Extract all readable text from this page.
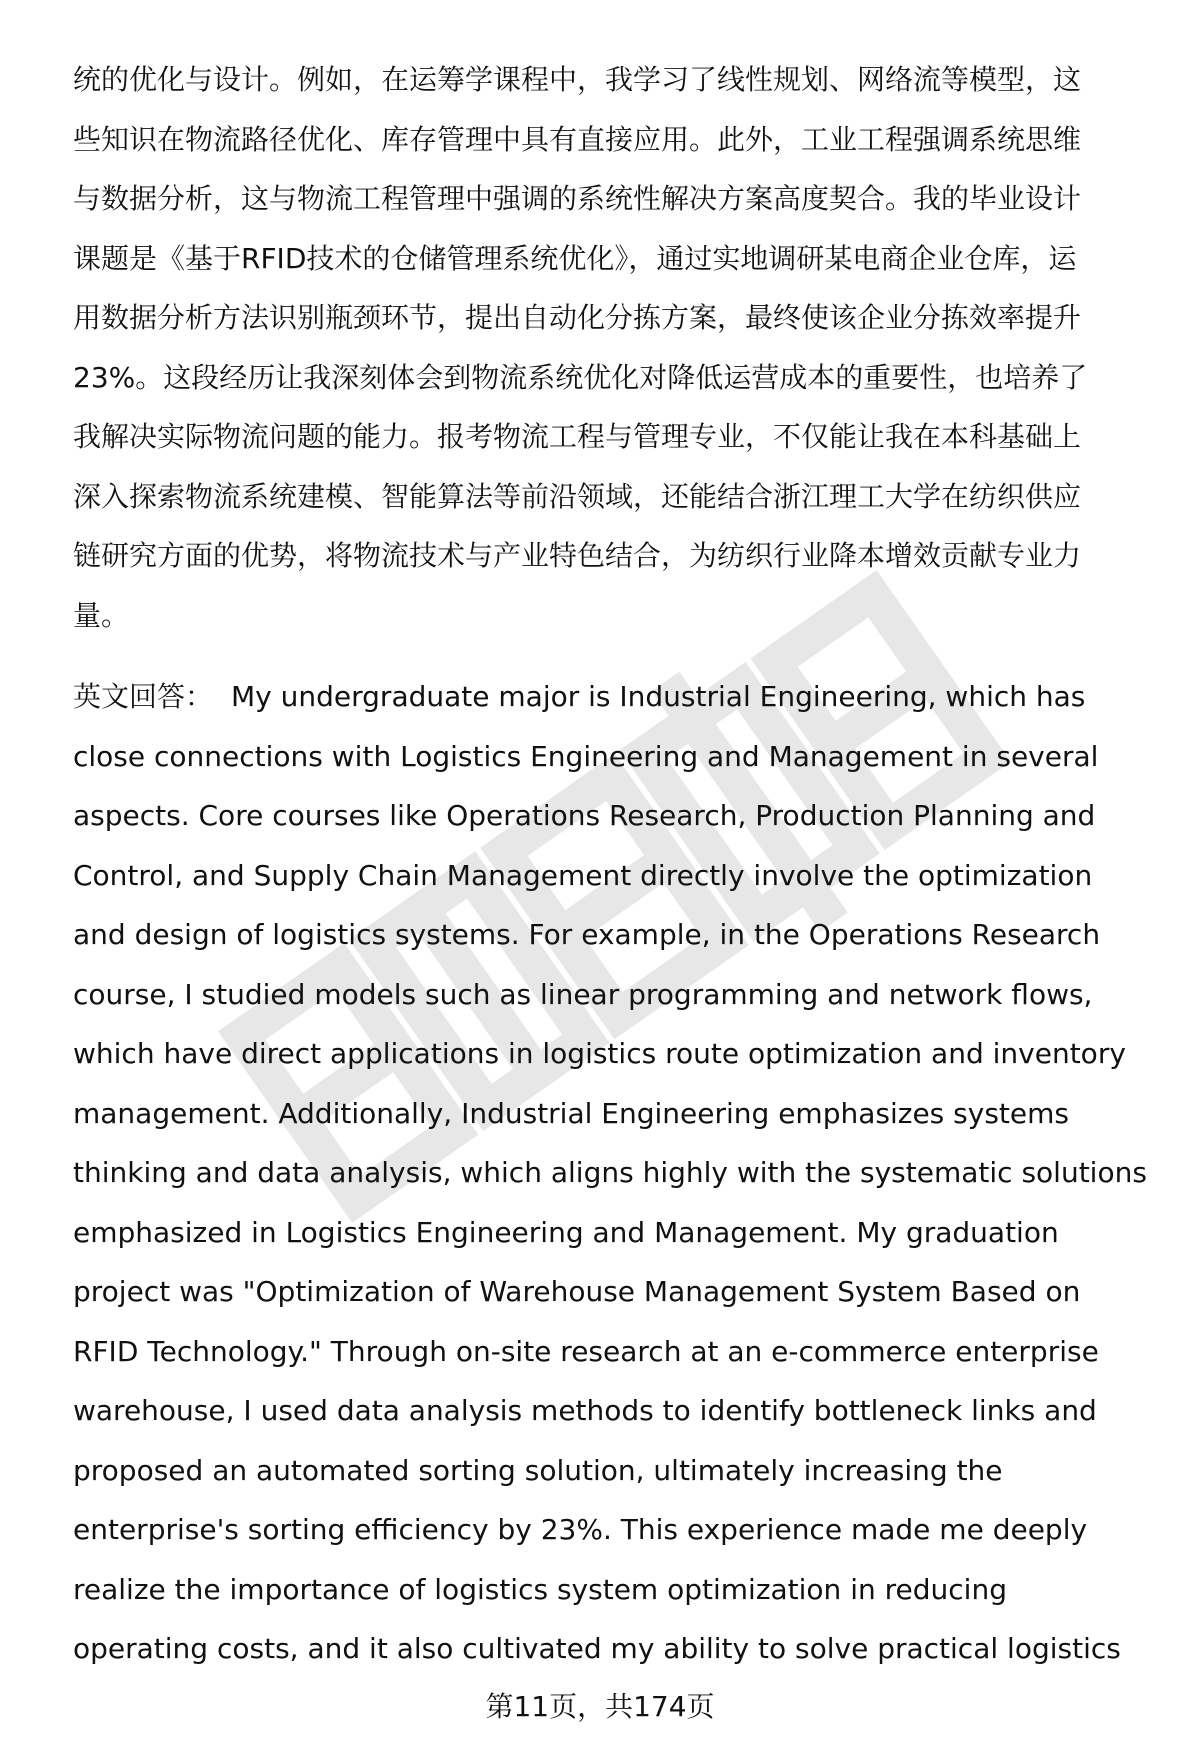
统的优化与设计。例如，在运筹学课程中，我学习了线性规划、网络流等模型，这
些知识在物流路径优化、库存管理中具有直接应用。此外，工业工程强调系统思维
与数据分析，这与物流工程管理中强调的系统性解决方案高度契合。我的毕业设计
课题是《基于RFID技术的仓储管理系统优化》，通过实地调研某电商企业仓库，运
用数据分析方法识别瓶颈环节，提出自动化分拣方案，最终使该企业分拣效率提升
23%。这段经历让我深刻体会到物流系统优化对降低运营成本的重要性，也培养了
我解决实际物流问题的能力。报考物流工程与管理专业，不仅能让我在本科基础上
深入探索物流系统建模、智能算法等前沿领域，还能结合浙江理工大学在纺织供应
链研究方面的优势，将物流技术与产业特色结合，为纺织行业降本增效贡献专业力
量。

英文回答： My undergraduate major is Industrial Engineering, which has
close connections with Logistics Engineering and Management in several
aspects. Core courses like Operations Research, Production Planning and
Control, and Supply Chain Management directly involve the optimization
and design of logistics systems. For example, in the Operations Research
course, I studied models such as linear programming and network flows,
which have direct applications in logistics route optimization and inventory
management. Additionally, Industrial Engineering emphasizes systems
thinking and data analysis, which aligns highly with the systematic solutions
emphasized in Logistics Engineering and Management. My graduation
project was "Optimization of Warehouse Management System Based on
RFID Technology." Through on-site research at an e-commerce enterprise
warehouse, I used data analysis methods to identify bottleneck links and
proposed an automated sorting solution, ultimately increasing the
enterprise's sorting efficiency by 23%. This experience made me deeply
realize the importance of logistics system optimization in reducing
operating costs, and it also cultivated my ability to solve practical logistics

第11页，共174页
